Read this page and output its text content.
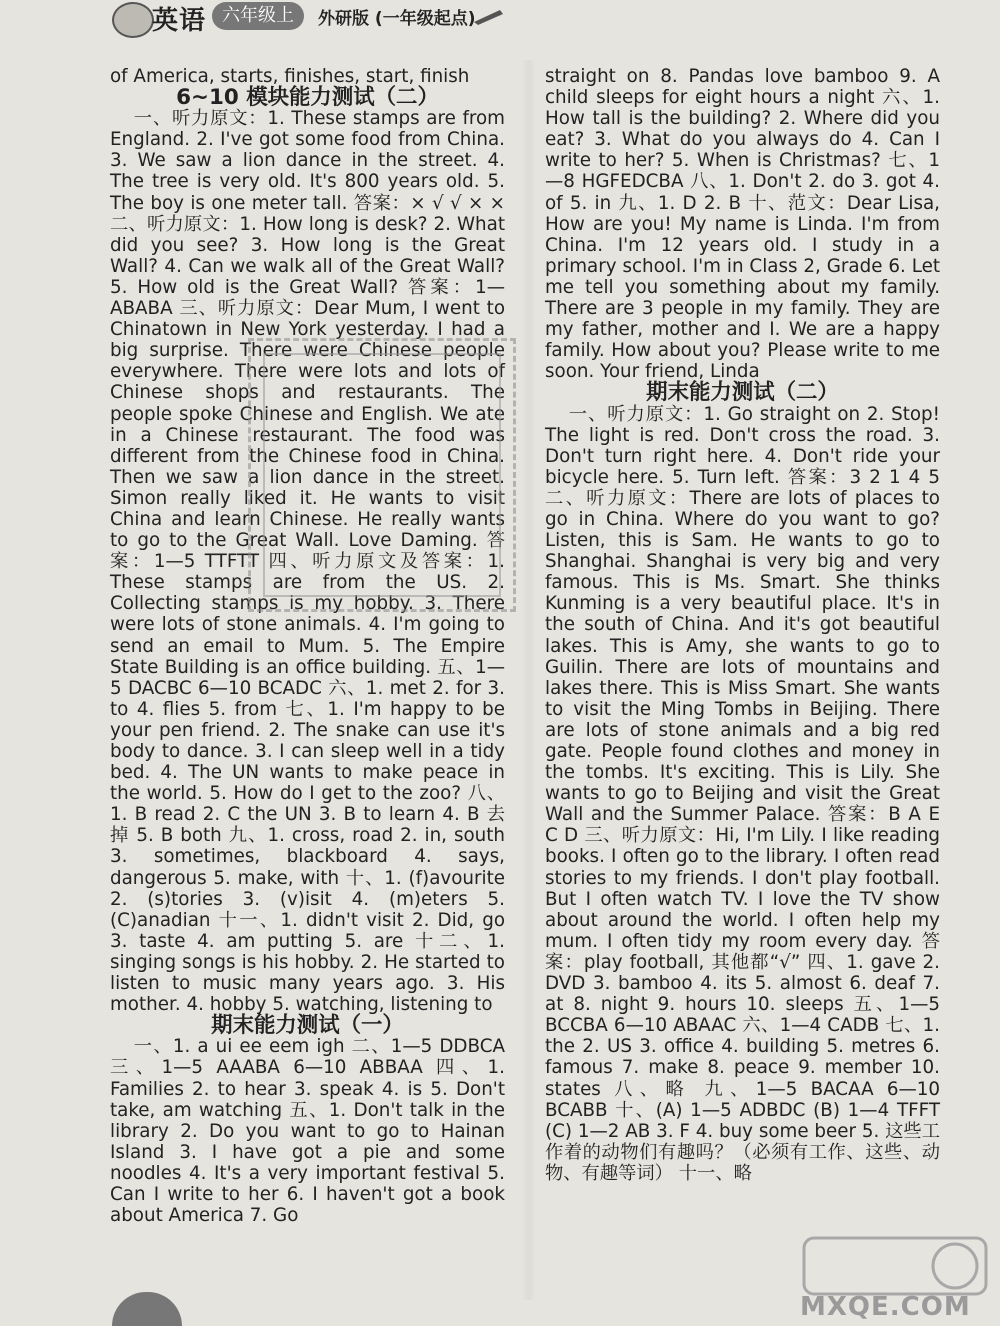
英语 六年级上	外研版 (一年级起点)

of America, starts, finishes, start, finish

6~10 模块能力测试（二）

一、听力原文：1. These stamps are from England. 2. I've got some food from China. 3. We saw a lion dance in the street. 4. The tree is very old. It's 800 years old. 5. The boy is one meter tall. 答案：× √ √ × × 二、听力原文：1. How long is desk? 2. What did you see? 3. How long is the Great Wall? 4. Can we walk all of the Great Wall? 5. How old is the Great Wall? 答案：1—ABABA 三、听力原文：Dear Mum, I went to Chinatown in New York yesterday. I had a big surprise. There were Chinese people everywhere. There were lots and lots of Chinese shops and restaurants. The people spoke Chinese and English. We ate in a Chinese restaurant. The food was different from the Chinese food in China. Then we saw a lion dance in the street. Simon really liked it. He wants to visit China and learn Chinese. He really wants to go to the Great Wall. Love Daming. 答案：1—5 TTFTT 四、听力原文及答案：1. These stamps are from the US. 2. Collecting stamps is my hobby. 3. There were lots of stone animals. 4. I'm going to send an email to Mum. 5. The Empire State Building is an office building. 五、1—5 DACBC 6—10 BCADC 六、1. met 2. for 3. to 4. flies 5. from 七、1. I'm happy to be your pen friend. 2. The snake can use it's body to dance. 3. I can sleep well in a tidy bed. 4. The UN wants to make peace in the world. 5. How do I get to the zoo? 八、1. B read 2. C the UN 3. B to learn 4. B 去掉 5. B both 九、1. cross, road 2. in, south 3. sometimes, blackboard 4. says, dangerous 5. make, with 十、1. (f)avourite 2. (s)tories 3. (v)isit 4. (m)eters 5. (C)anadian 十一、1. didn't visit 2. Did, go 3. taste 4. am putting 5. are 十二、1. singing songs is his hobby. 2. He started to listen to music many years ago. 3. His mother. 4. hobby 5. watching, listening to

期末能力测试（一）

一、1. a ui ee eem igh 二、1—5 DDBCA 三、1—5 AAABA 6—10 ABBAA 四、1. Families 2. to hear 3. speak 4. is 5. Don't take, am watching 五、1. Don't talk in the library 2. Do you want to go to Hainan Island 3. I have got a pie and some noodles 4. It's a very important festival 5. Can I write to her 6. I haven't got a book about America 7. Go

straight on 8. Pandas love bamboo 9. A child sleeps for eight hours a night 六、1. How tall is the building? 2. Where did you eat? 3. What do you always do 4. Can I write to her? 5. When is Christmas? 七、1—8 HGFEDCBA 八、1. Don't 2. do 3. got 4. of 5. in 九、1. D 2. B 十、范文：Dear Lisa, How are you! My name is Linda. I'm from China. I'm 12 years old. I study in a primary school. I'm in Class 2, Grade 6. Let me tell you something about my family. There are 3 people in my family. They are my father, mother and I. We are a happy family. How about you? Please write to me soon. Your friend, Linda

期末能力测试（二）

一、听力原文：1. Go straight on 2. Stop! The light is red. Don't cross the road. 3. Don't turn right here. 4. Don't ride your bicycle here. 5. Turn left. 答案：3 2 1 4 5 二、听力原文：There are lots of places to go in China. Where do you want to go? Listen, this is Sam. He wants to go to Shanghai. Shanghai is very big and very famous. This is Ms. Smart. She thinks Kunming is a very beautiful place. It's in the south of China. And it's got beautiful lakes. This is Amy, she wants to go to Guilin. There are lots of mountains and lakes there. This is Miss Smart. She wants to visit the Ming Tombs in Beijing. There are lots of stone animals and a big red gate. People found clothes and money in the tombs. It's exciting. This is Lily. She wants to go to Beijing and visit the Great Wall and the Summer Palace. 答案：B A E C D 三、听力原文：Hi, I'm Lily. I like reading books. I often go to the library. I often read stories to my friends. I don't play football. But I often watch TV. I love the TV show about around the world. I often help my mum. I often tidy my room every day. 答案：play football, 其他都“√” 四、1. gave 2. DVD 3. bamboo 4. its 5. almost 6. deaf 7. at 8. night 9. hours 10. sleeps 五、1—5 BCCBA 6—10 ABAAC 六、1—4 CADB 七、1. the 2. US 3. office 4. building 5. metres 6. famous 7. make 8. peace 9. member 10. states 八、略 九、1—5 BACAA 6—10 BCABB 十、(A) 1—5 ADBDC (B) 1—4 TFFT (C) 1—2 AB 3. F 4. buy some beer 5. 这些工作着的动物们有趣吗？（必须有工作、这些、动物、有趣等词） 十一、略

MXQE.COM
